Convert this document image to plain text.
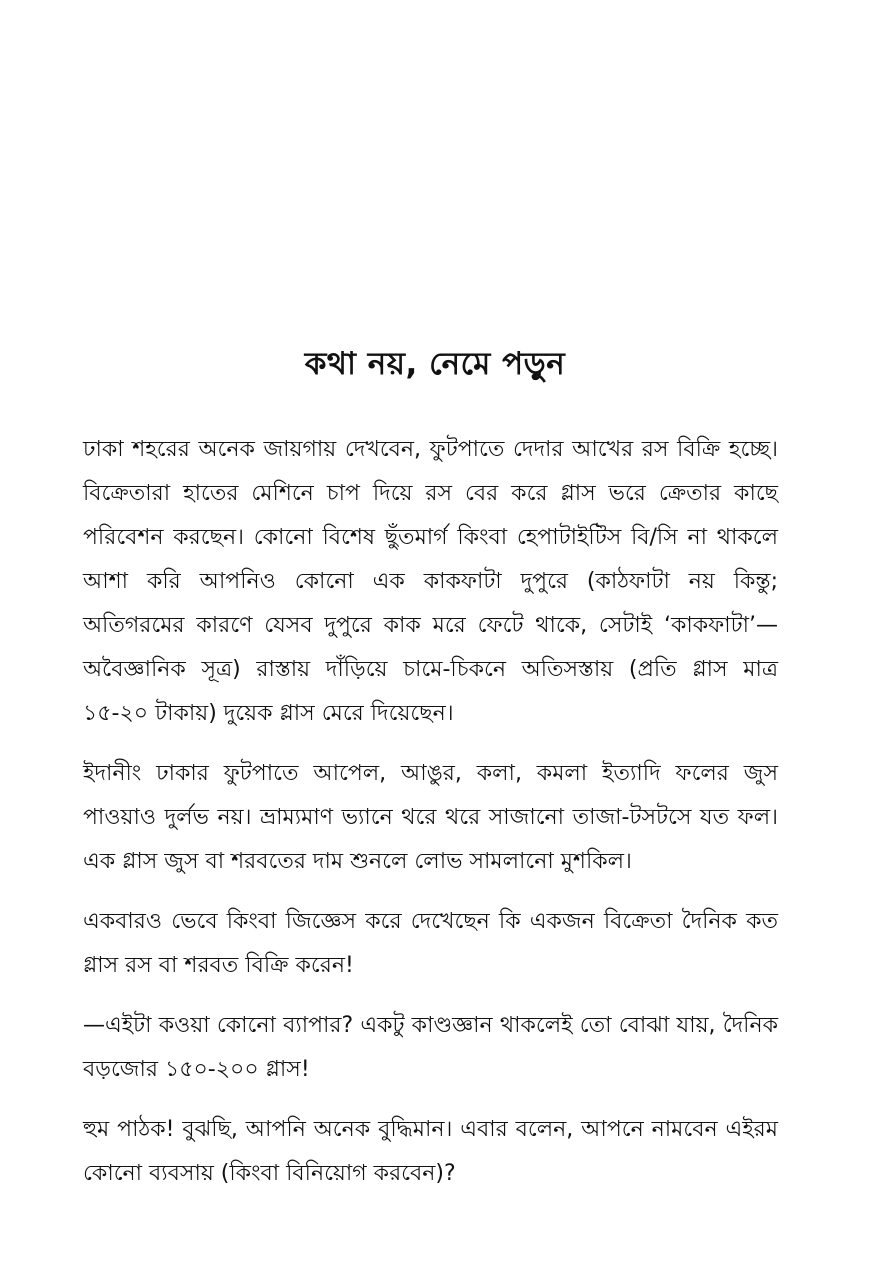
কথা নয়, নেমে পড়ুন

ঢাকা শহরের অনেক জায়গায় দেখবেন, ফুটপাতে দেদার আখের রস বিক্রি হচ্ছে। বিক্রেতারা হাতের মেশিনে চাপ দিয়ে রস বের করে গ্লাস ভরে ক্রেতার কাছে পরিবেশন করছেন। কোনো বিশেষ ছুঁতমার্গ কিংবা হেপাটাইটিস বি/সি না থাকলে আশা করি আপনিও কোনো এক কাকফাটা দুপুরে (কাঠফাটা নয় কিন্তু; অতিগরমের কারণে যেসব দুপুরে কাক মরে ফেটে থাকে, সেটাই ‘কাকফাটা’—অবৈজ্ঞানিক সূত্র) রাস্তায় দাঁড়িয়ে চামে-চিকনে অতিসস্তায় (প্রতি গ্লাস মাত্র ১৫-২০ টাকায়) দুয়েক গ্লাস মেরে দিয়েছেন।

ইদানীং ঢাকার ফুটপাতে আপেল, আঙুর, কলা, কমলা ইত্যাদি ফলের জুস পাওয়াও দুর্লভ নয়। ভ্রাম্যমাণ ভ্যানে থরে থরে সাজানো তাজা-টসটসে যত ফল। এক গ্লাস জুস বা শরবতের দাম শুনলে লোভ সামলানো মুশকিল।

একবারও ভেবে কিংবা জিজ্ঞেস করে দেখেছেন কি একজন বিক্রেতা দৈনিক কত গ্লাস রস বা শরবত বিক্রি করেন!

—এইটা কওয়া কোনো ব্যাপার? একটু কাণ্ডজ্ঞান থাকলেই তো বোঝা যায়, দৈনিক বড়জোর ১৫০-২০০ গ্লাস!

হুম পাঠক! বুঝছি, আপনি অনেক বুদ্ধিমান। এবার বলেন, আপনে নামবেন এইরম কোনো ব্যবসায় (কিংবা বিনিয়োগ করবেন)?
